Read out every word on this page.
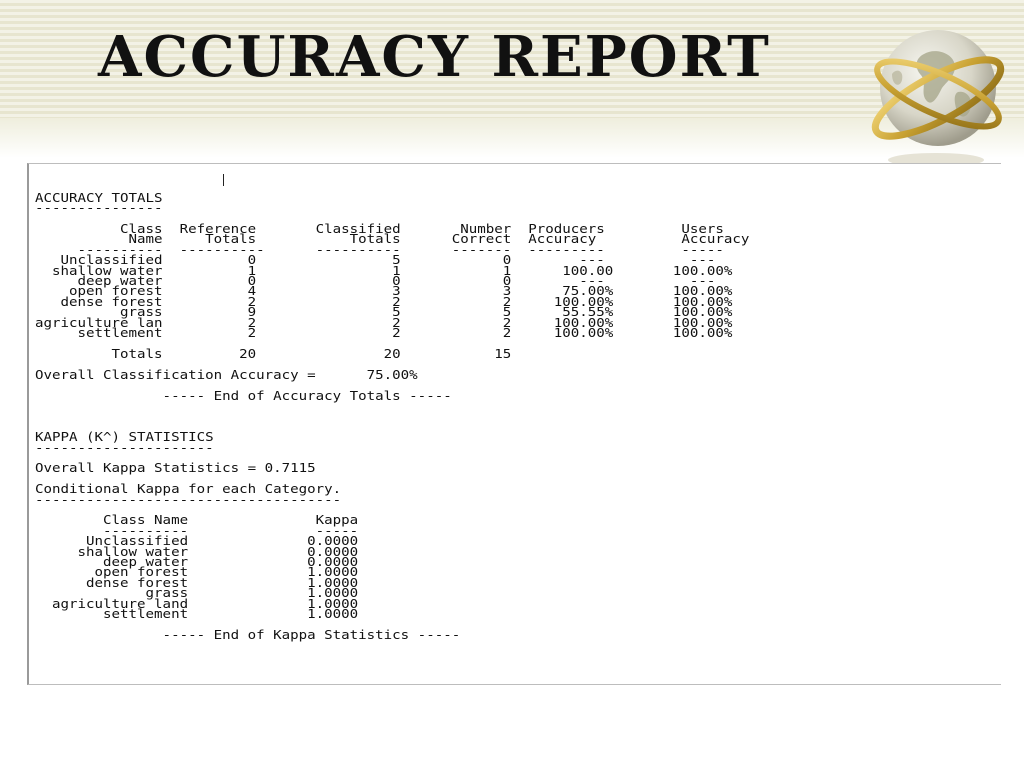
ACCURACY REPORT

ACCURACY TOTALS
---------------

Class  Reference       Classified       Number  Producers         Users
Name     Totals           Totals      Correct  Accuracy          Accuracy
----------  ----------      ----------      -------  ---------         -----
Unclassified          0                5            0        ---          ---
shallow water          1                1            1      100.00       100.00%
deep water          0                0            0        ---          ---
open forest          4                3            3      75.00%       100.00%
dense forest          2                2            2     100.00%       100.00%
grass          9                5            5      55.55%       100.00%
agriculture lan          2                2            2     100.00%       100.00%
settlement          2                2            2     100.00%       100.00%

Totals         20               20           15

Overall Classification Accuracy =      75.00%

----- End of Accuracy Totals -----

KAPPA (K^) STATISTICS
---------------------

Overall Kappa Statistics = 0.7115

Conditional Kappa for each Category.
------------------------------------

Class Name               Kappa
----------               -----
Unclassified              0.0000
shallow water              0.0000
deep water              0.0000
open forest              1.0000
dense forest              1.0000
grass              1.0000
agriculture land              1.0000
settlement              1.0000

----- End of Kappa Statistics -----
